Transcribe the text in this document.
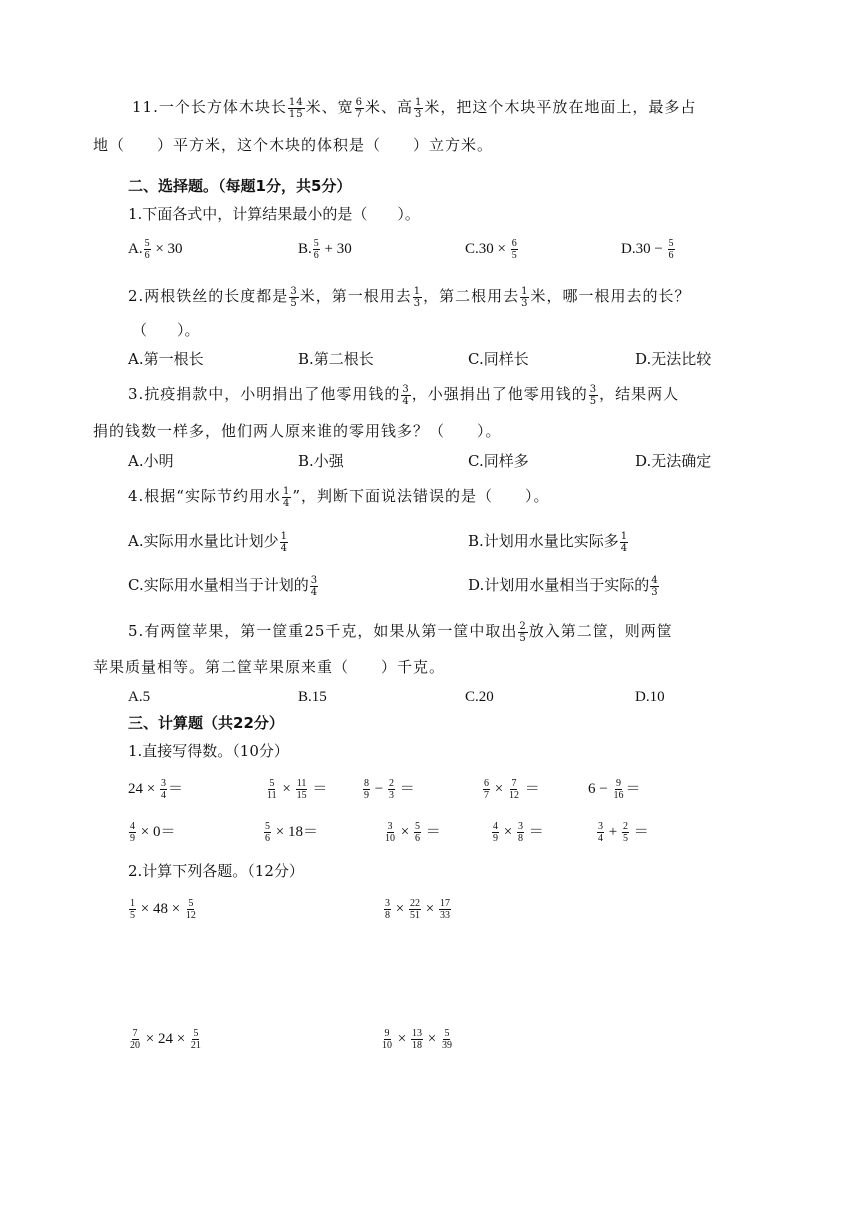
11.一个长方体木块长 $\frac{14}{15}$ 米、宽 $\frac{6}{7}$ 米、高 $\frac{1}{3}$ 米，把这个木块平放在地面上，最多占
地（　　）平方米，这个木块的体积是（　　）立方米。
二、选择题。（每题1分，共5分）
1.下面各式中，计算结果最小的是（　　）。
A. $\frac{5}{6} \times 30$	B. $\frac{5}{6} + 30$	$C.30 \times \frac{6}{5}$	$D.30 - \frac{5}{6}$
2.两根铁丝的长度都是 $\frac{3}{5}$ 米，第一根用去 $\frac{1}{3}$ ，第二根用去 $\frac{1}{3}$ 米，哪一根用去的长？
（　　）。
A.第一根长	B.第二根长	C.同样长	D.无法比较
3.抗疫捐款中，小明捐出了他零用钱的 $\frac{3}{4}$ ，小强捐出了他零用钱的 $\frac{3}{5}$ ，结果两人
捐的钱数一样多，他们两人原来谁的零用钱多？（　　）。
A.小明	B.小强	C.同样多	D.无法确定
4.根据“实际节约用水 $\frac{1}{4}$ ”，判断下面说法错误的是（　　）。
A.实际用水量比计划少 $\frac{1}{4}$	B.计划用水量比实际多 $\frac{1}{4}$
C.实际用水量相当于计划的 $\frac{3}{4}$	D.计划用水量相当于实际的 $\frac{4}{3}$
5.有两筐苹果，第一筐重25千克，如果从第一筐中取出 $\frac{2}{5}$ 放入第二筐，则两筐
苹果质量相等。第二筐苹果原来重（　　）千克。
A.5	B.15	C.20	D.10
三、计算题（共22分）
1.直接写得数。（10分）
$24 \times \frac{3}{4}$ ＝	$\frac{5}{11} \times \frac{11}{15}$ ＝	$\frac{8}{9} - \frac{2}{3}$ ＝	$\frac{6}{7} \times \frac{7}{12}$ ＝	$6 - \frac{9}{16}$ ＝
$\frac{4}{9} \times 0=$	$\frac{5}{6} \times 18=$	$\frac{3}{10} \times \frac{5}{6}$ ＝	$\frac{4}{9} \times \frac{3}{8}$ ＝	$\frac{3}{4} + \frac{2}{5}$ ＝
2.计算下列各题。（12分）
$\frac{1}{5} \times 48 \times \frac{5}{12}$	$\frac{3}{8} \times \frac{22}{51} \times \frac{17}{33}$
$\frac{7}{20} \times 24 \times \frac{5}{21}$	$\frac{9}{10} \times \frac{13}{18} \times \frac{5}{39}$
